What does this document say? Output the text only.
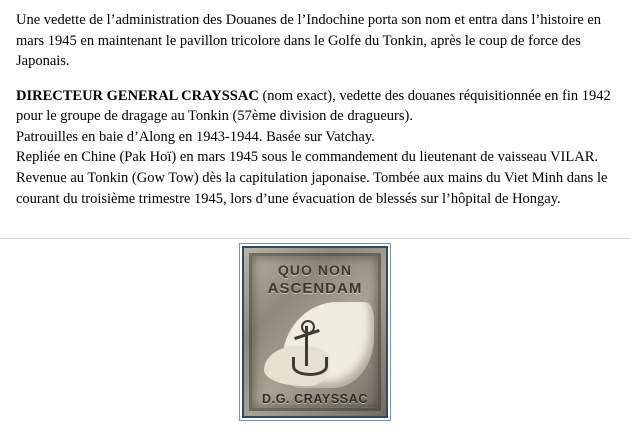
Une vedette de l’administration des Douanes de l’Indochine porta son nom et entra dans l’histoire en mars 1945 en maintenant le pavillon tricolore dans le Golfe du Tonkin, après le coup de force des Japonais.

DIRECTEUR GENERAL CRAYSSAC (nom exact), vedette des douanes réquisitionnée en fin 1942 pour le groupe de dragage au Tonkin (57ème division de dragueurs).

Patrouilles en baie d’Along en 1943-1944. Basée sur Vatchay.

Repliée en Chine (Pak Hoï) en mars 1945 sous le commandement du lieutenant de vaisseau VILAR.

Revenue au Tonkin (Gow Tow) dès la capitulation japonaise. Tombée aux mains du Viet Minh dans le courant du troisième trimestre 1945, lors d’une évacuation de blessés sur l’hôpital de Hongay.

QUO NON
ASCENDAM
D.G. CRAYSSAC
